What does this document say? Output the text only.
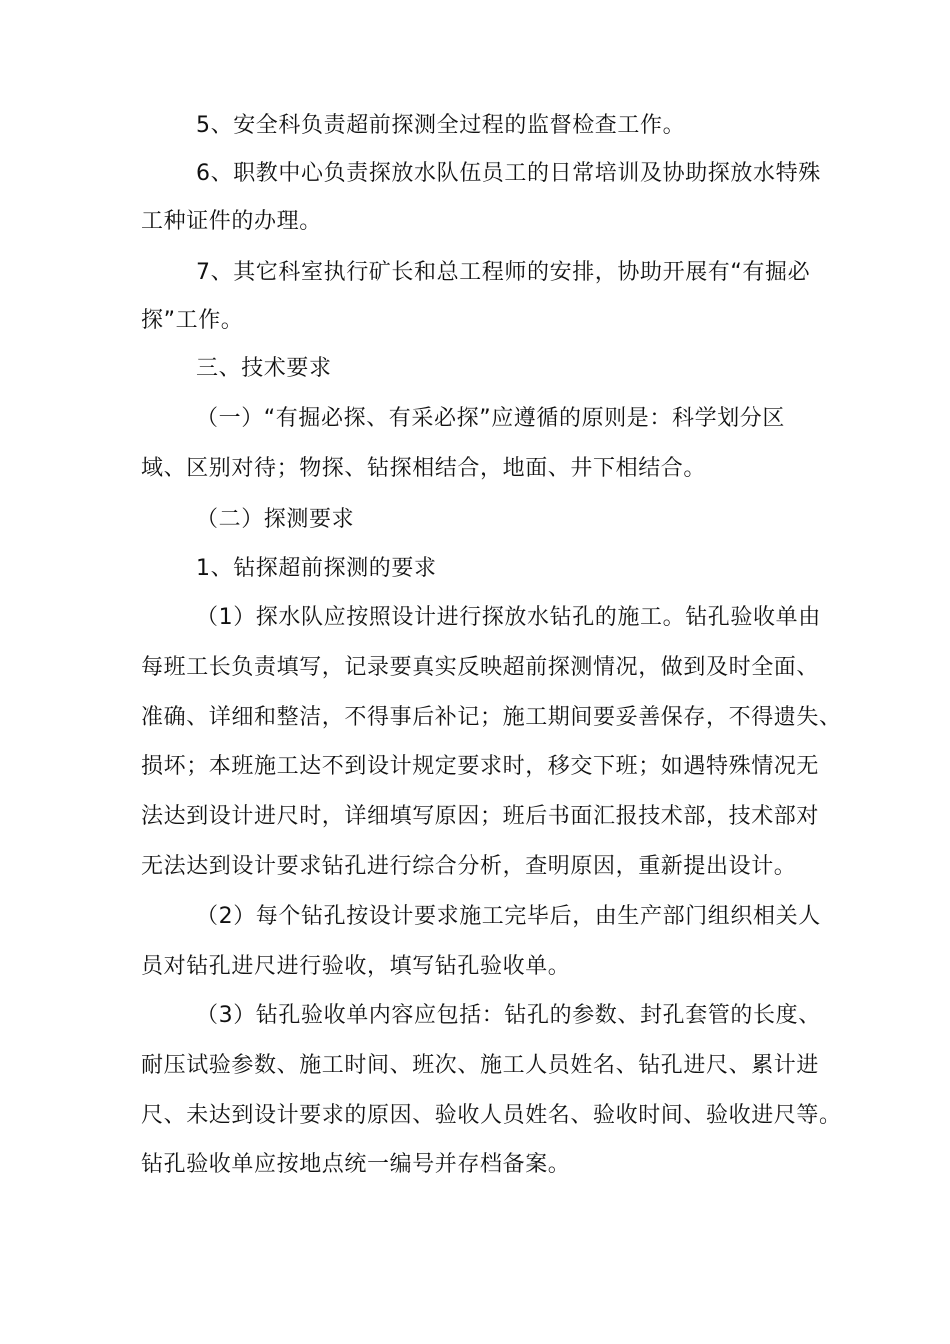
5、安全科负责超前探测全过程的监督检查工作。
6、职教中心负责探放水队伍员工的日常培训及协助探放水特殊
工种证件的办理。
7、其它科室执行矿长和总工程师的安排，协助开展有“有掘必
探”工作。
三、技术要求
（一）“有掘必探、有采必探”应遵循的原则是：科学划分区
域、区别对待；物探、钻探相结合，地面、井下相结合。
（二）探测要求
1、钻探超前探测的要求
（1）探水队应按照设计进行探放水钻孔的施工。钻孔验收单由
每班工长负责填写，记录要真实反映超前探测情况，做到及时全面、
准确、详细和整洁，不得事后补记；施工期间要妥善保存，不得遗失、
损坏；本班施工达不到设计规定要求时，移交下班；如遇特殊情况无
法达到设计进尺时，详细填写原因；班后书面汇报技术部，技术部对
无法达到设计要求钻孔进行综合分析，查明原因，重新提出设计。
（2）每个钻孔按设计要求施工完毕后，由生产部门组织相关人
员对钻孔进尺进行验收，填写钻孔验收单。
（3）钻孔验收单内容应包括：钻孔的参数、封孔套管的长度、
耐压试验参数、施工时间、班次、施工人员姓名、钻孔进尺、累计进
尺、未达到设计要求的原因、验收人员姓名、验收时间、验收进尺等。
钻孔验收单应按地点统一编号并存档备案。
